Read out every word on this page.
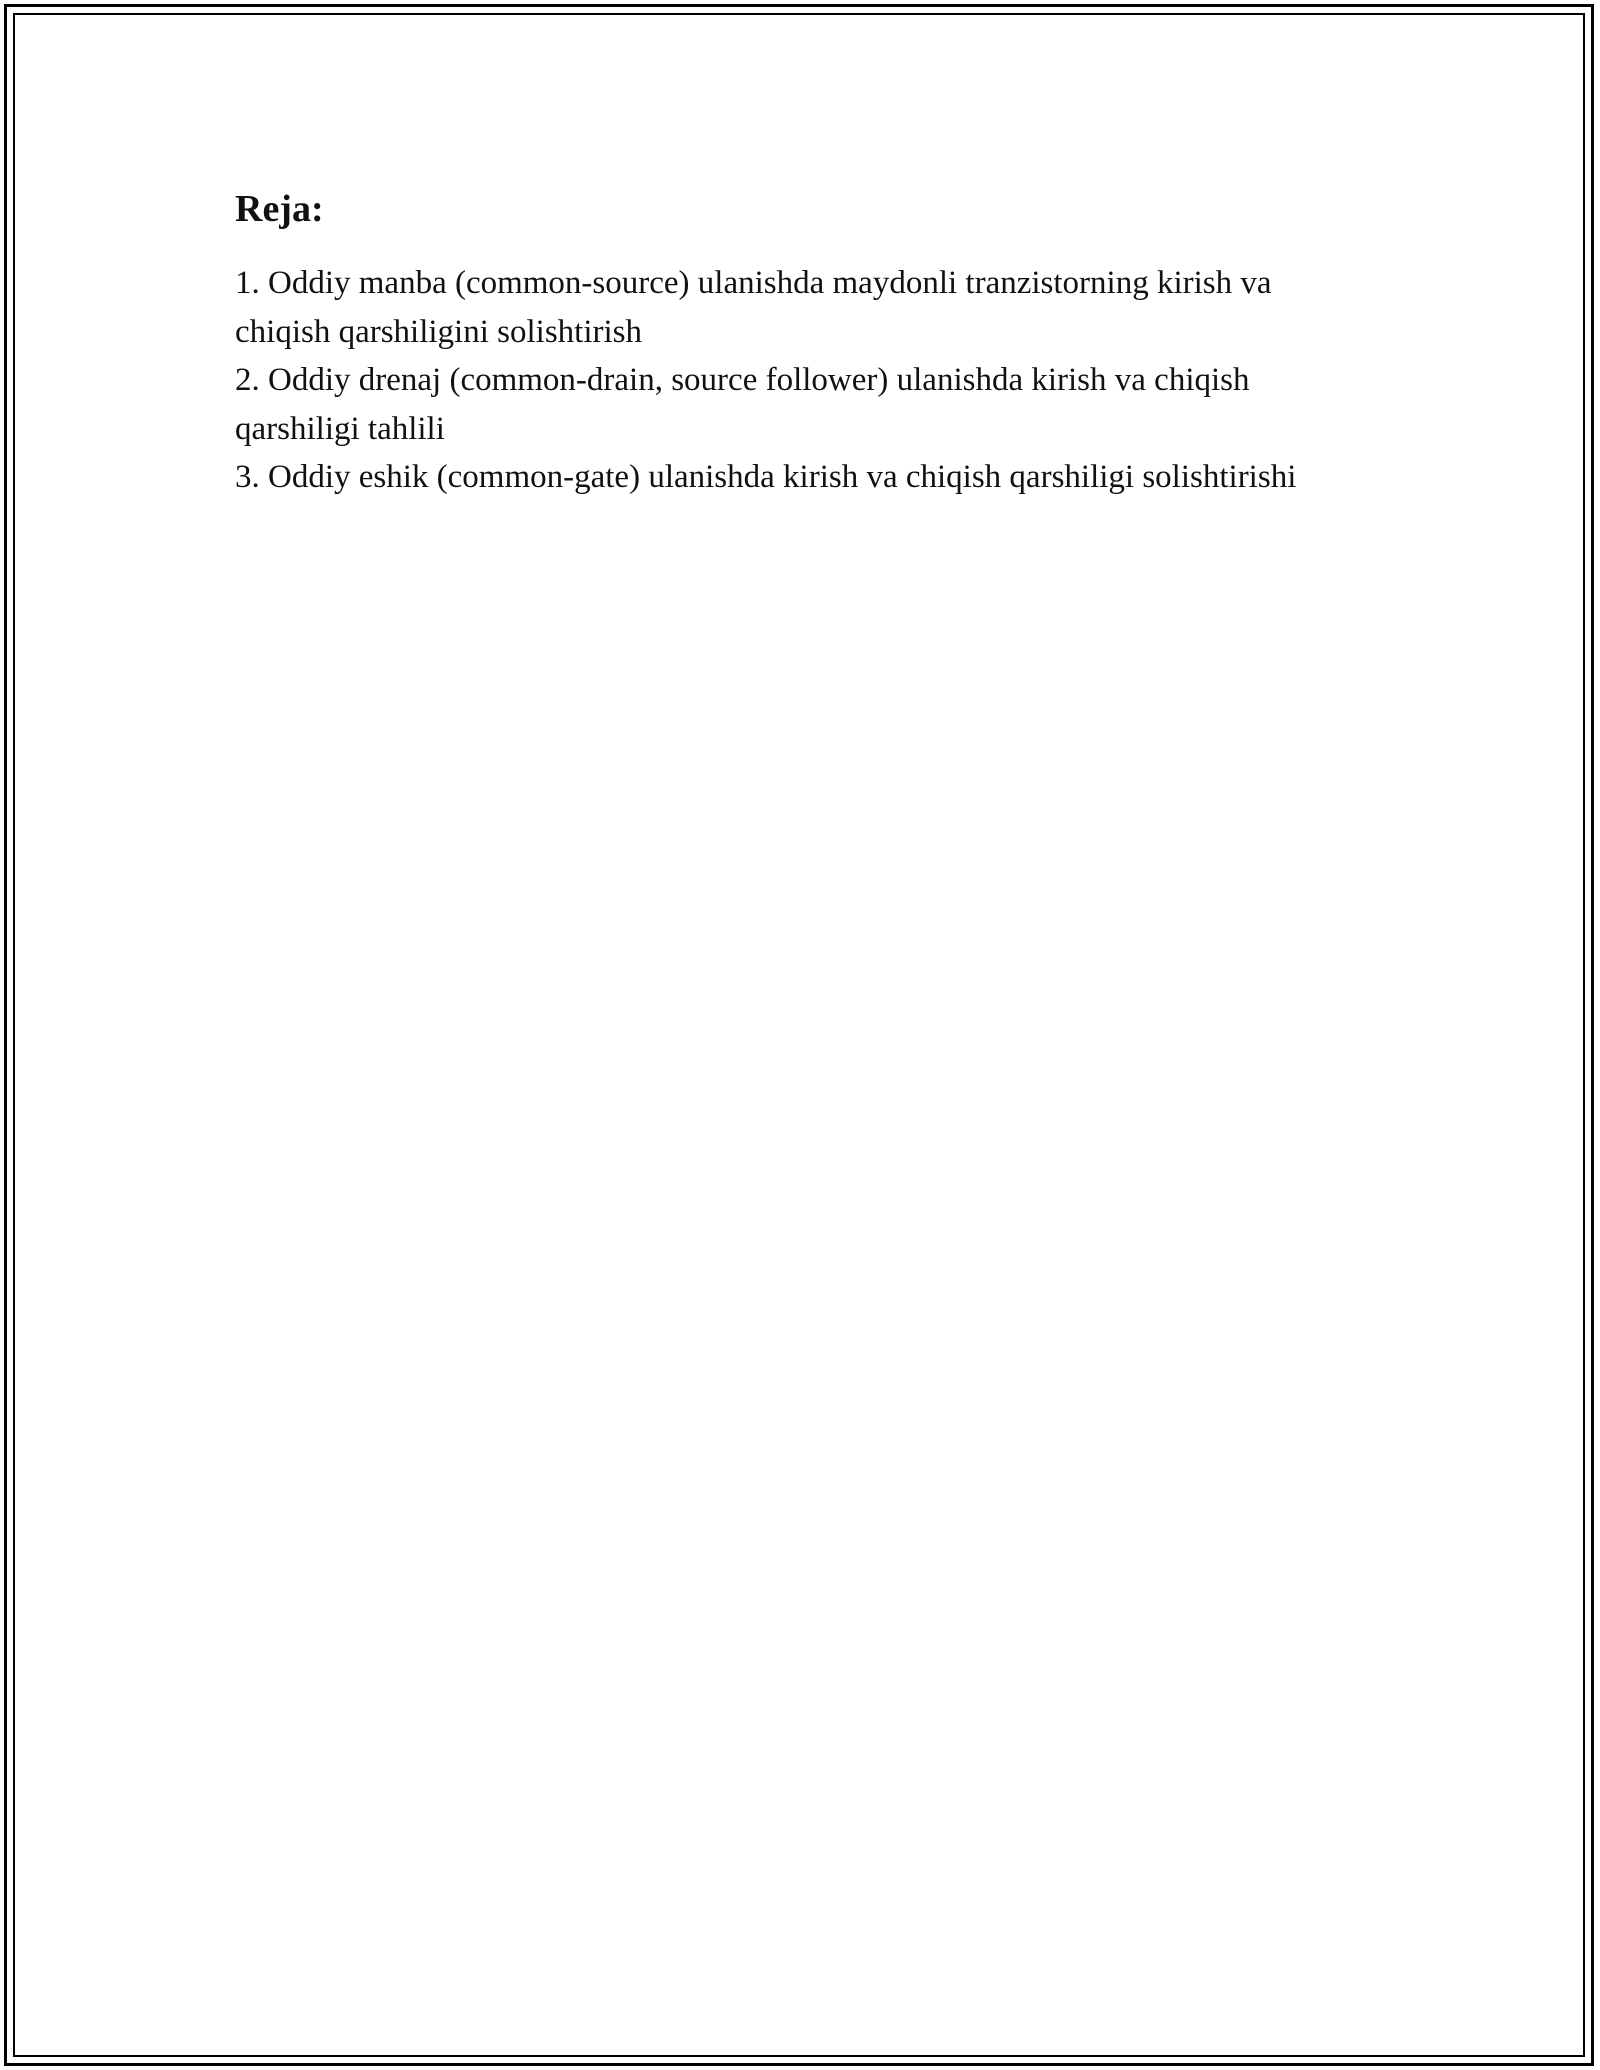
Reja:
1. Oddiy manba (common-source) ulanishda maydonli tranzistorning kirish va chiqish qarshiligini solishtirish
2. Oddiy drenaj (common-drain, source follower) ulanishda kirish va chiqish qarshiligi tahlili
3. Oddiy eshik (common-gate) ulanishda kirish va chiqish qarshiligi solishtirishi
